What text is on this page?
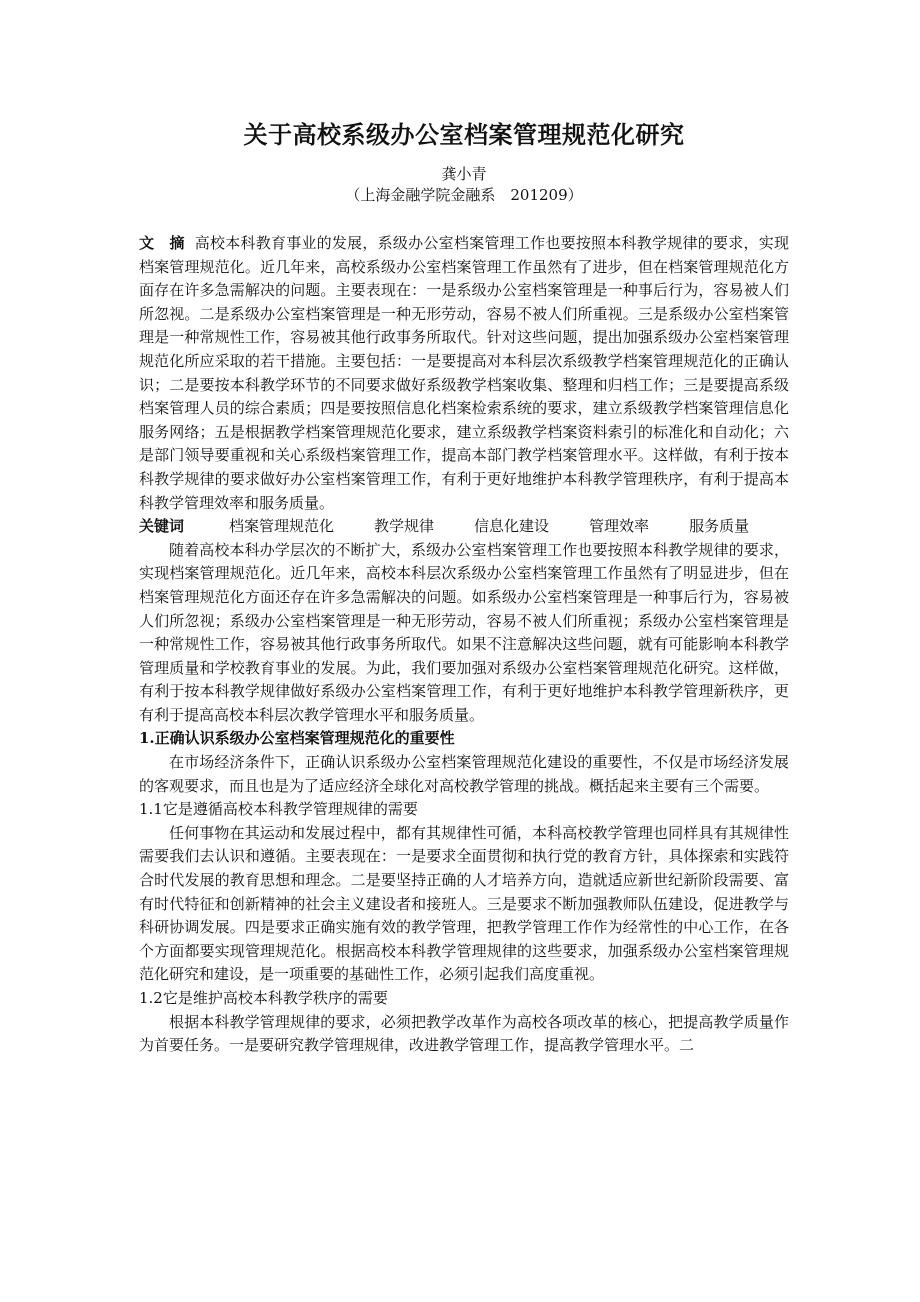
关于高校系级办公室档案管理规范化研究

龚小青

（上海金融学院金融系　201209）

文　摘 高校本科教育事业的发展，系级办公室档案管理工作也要按照本科教学规律的要求，实现档案管理规范化。近几年来，高校系级办公室档案管理工作虽然有了进步，但在档案管理规范化方面存在许多急需解决的问题。主要表现在：一是系级办公室档案管理是一种事后行为，容易被人们所忽视。二是系级办公室档案管理是一种无形劳动，容易不被人们所重视。三是系级办公室档案管理是一种常规性工作，容易被其他行政事务所取代。针对这些问题，提出加强系级办公室档案管理规范化所应采取的若干措施。主要包括：一是要提高对本科层次系级教学档案管理规范化的正确认识；二是要按本科教学环节的不同要求做好系级教学档案收集、整理和归档工作；三是要提高系级档案管理人员的综合素质；四是要按照信息化档案检索系统的要求，建立系级教学档案管理信息化服务网络；五是根据教学档案管理规范化要求，建立系级教学档案资料索引的标准化和自动化；六是部门领导要重视和关心系级档案管理工作，提高本部门教学档案管理水平。这样做，有利于按本科教学规律的要求做好办公室档案管理工作，有利于更好地维护本科教学管理秩序，有利于提高本科教学管理效率和服务质量。

关键词	档案管理规范化	教学规律	信息化建设	管理效率	服务质量

随着高校本科办学层次的不断扩大，系级办公室档案管理工作也要按照本科教学规律的要求，实现档案管理规范化。近几年来，高校本科层次系级办公室档案管理工作虽然有了明显进步，但在档案管理规范化方面还存在许多急需解决的问题。如系级办公室档案管理是一种事后行为，容易被人们所忽视；系级办公室档案管理是一种无形劳动，容易不被人们所重视；系级办公室档案管理是一种常规性工作，容易被其他行政事务所取代。如果不注意解决这些问题，就有可能影响本科教学管理质量和学校教育事业的发展。为此，我们要加强对系级办公室档案管理规范化研究。这样做，有利于按本科教学规律做好系级办公室档案管理工作，有利于更好地维护本科教学管理新秩序，更有利于提高高校本科层次教学管理水平和服务质量。

1.正确认识系级办公室档案管理规范化的重要性

在市场经济条件下，正确认识系级办公室档案管理规范化建设的重要性，不仅是市场经济发展的客观要求，而且也是为了适应经济全球化对高校教学管理的挑战。概括起来主要有三个需要。

1.1它是遵循高校本科教学管理规律的需要

任何事物在其运动和发展过程中，都有其规律性可循，本科高校教学管理也同样具有其规律性需要我们去认识和遵循。主要表现在：一是要求全面贯彻和执行党的教育方针，具体探索和实践符合时代发展的教育思想和理念。二是要坚持正确的人才培养方向，造就适应新世纪新阶段需要、富有时代特征和创新精神的社会主义建设者和接班人。三是要求不断加强教师队伍建设，促进教学与科研协调发展。四是要求正确实施有效的教学管理，把教学管理工作作为经常性的中心工作，在各个方面都要实现管理规范化。根据高校本科教学管理规律的这些要求，加强系级办公室档案管理规范化研究和建设，是一项重要的基础性工作，必须引起我们高度重视。

1.2它是维护高校本科教学秩序的需要

根据本科教学管理规律的要求，必须把教学改革作为高校各项改革的核心，把提高教学质量作为首要任务。一是要研究教学管理规律，改进教学管理工作，提高教学管理水平。二
